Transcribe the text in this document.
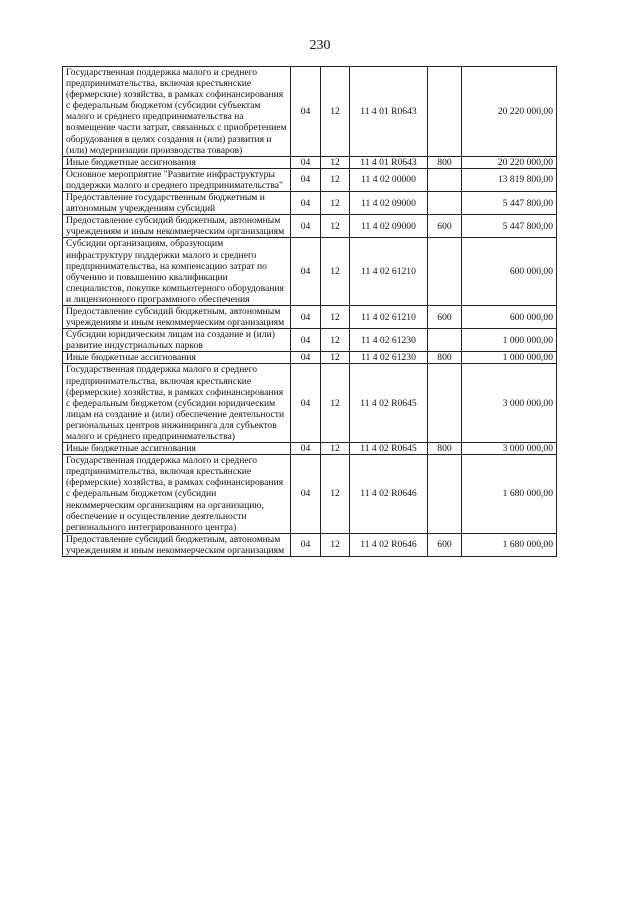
230
Государственная поддержка малого и среднего предпринимательства, включая крестьянские (фермерские) хозяйства, в рамках софинансирования с федеральным бюджетом (субсидии субъектам малого и среднего предпринимательства на возмещение части затрат, связанных с приобретением оборудования в целях создания и (или) развития и (или) модернизации производства товаров)	04	12	11 4 01 R0643		20 220 000,00
Иные бюджетные ассигнования	04	12	11 4 01 R0643	800	20 220 000,00
Основное мероприятие "Развитие инфраструктуры поддержки малого и среднего предпринимательства"	04	12	11 4 02 00000		13 819 800,00
Предоставление государственным бюджетным и автономным учреждениям субсидий	04	12	11 4 02 09000		5 447 800,00
Предоставление субсидий бюджетным, автономным учреждениям и иным некоммерческим организациям	04	12	11 4 02 09000	600	5 447 800,00
Субсидии организациям, образующим инфраструктуру поддержки малого и среднего предпринимательства, на компенсацию затрат по обучению и повышению квалификации специалистов, покупке компьютерного оборудования и лицензионного программного обеспечения	04	12	11 4 02 61210		600 000,00
Предоставление субсидий бюджетным, автономным учреждениям и иным некоммерческим организациям	04	12	11 4 02 61210	600	600 000,00
Субсидии юридическим лицам на создание и (или) развитие индустриальных парков	04	12	11 4 02 61230		1 000 000,00
Иные бюджетные ассигнования	04	12	11 4 02 61230	800	1 000 000,00
Государственная поддержка малого и среднего предпринимательства, включая крестьянские (фермерские) хозяйства, в рамках софинансирования с федеральным бюджетом (субсидии юридическим лицам на создание и (или) обеспечение деятельности региональных центров инжиниринга для субъектов малого и среднего предпринимательства)	04	12	11 4 02 R0645		3 000 000,00
Иные бюджетные ассигнования	04	12	11 4 02 R0645	800	3 000 000,00
Государственная поддержка малого и среднего предпринимательства, включая крестьянские (фермерские) хозяйства, в рамках софинансирования с федеральным бюджетом (субсидии некоммерческим организациям на организацию, обеспечение и осуществление деятельности регионального интегрированного центра)	04	12	11 4 02 R0646		1 680 000,00
Предоставление субсидий бюджетным, автономным учреждениям и иным некоммерческим организациям	04	12	11 4 02 R0646	600	1 680 000,00
